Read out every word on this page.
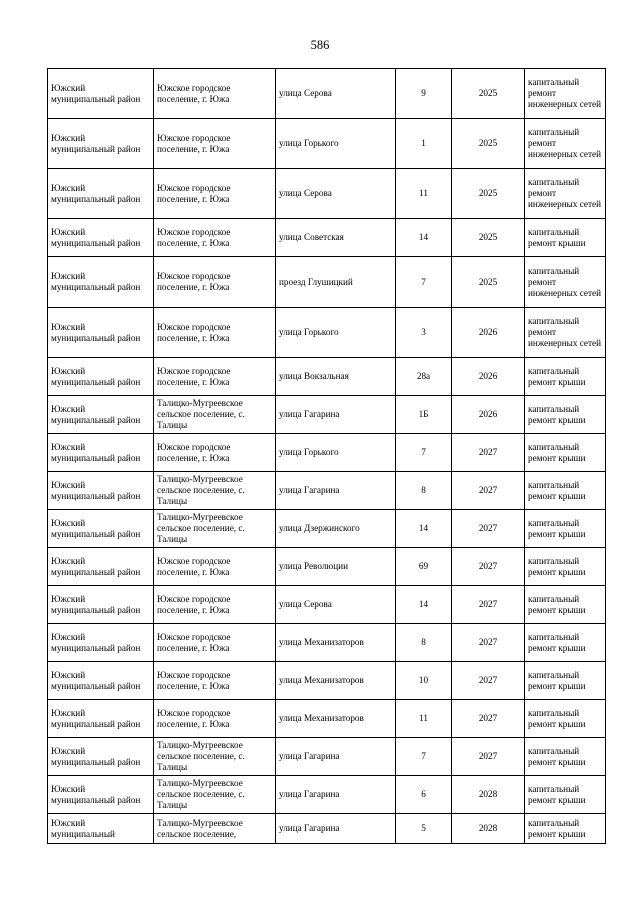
586
Южский муниципальный район	Южское городское поселение, г. Южа	улица Серова	9	2025	капитальный ремонт инженерных сетей
Южский муниципальный район	Южское городское поселение, г. Южа	улица Горького	1	2025	капитальный ремонт инженерных сетей
Южский муниципальный район	Южское городское поселение, г. Южа	улица Серова	11	2025	капитальный ремонт инженерных сетей
Южский муниципальный район	Южское городское поселение, г. Южа	улица Советская	14	2025	капитальный ремонт крыши
Южский муниципальный район	Южское городское поселение, г. Южа	проезд Глушицкий	7	2025	капитальный ремонт инженерных сетей
Южский муниципальный район	Южское городское поселение, г. Южа	улица Горького	3	2026	капитальный ремонт инженерных сетей
Южский муниципальный район	Южское городское поселение, г. Южа	улица Вокзальная	28а	2026	капитальный ремонт крыши
Южский муниципальный район	Талицко-Мугреевское сельское поселение, с. Талицы	улица Гагарина	1Б	2026	капитальный ремонт крыши
Южский муниципальный район	Южское городское поселение, г. Южа	улица Горького	7	2027	капитальный ремонт крыши
Южский муниципальный район	Талицко-Мугреевское сельское поселение, с. Талицы	улица Гагарина	8	2027	капитальный ремонт крыши
Южский муниципальный район	Талицко-Мугреевское сельское поселение, с. Талицы	улица Дзержинского	14	2027	капитальный ремонт крыши
Южский муниципальный район	Южское городское поселение, г. Южа	улица Революции	69	2027	капитальный ремонт крыши
Южский муниципальный район	Южское городское поселение, г. Южа	улица Серова	14	2027	капитальный ремонт крыши
Южский муниципальный район	Южское городское поселение, г. Южа	улица Механизаторов	8	2027	капитальный ремонт крыши
Южский муниципальный район	Южское городское поселение, г. Южа	улица Механизаторов	10	2027	капитальный ремонт крыши
Южский муниципальный район	Южское городское поселение, г. Южа	улица Механизаторов	11	2027	капитальный ремонт крыши
Южский муниципальный район	Талицко-Мугреевское сельское поселение, с. Талицы	улица Гагарина	7	2027	капитальный ремонт крыши
Южский муниципальный район	Талицко-Мугреевское сельское поселение, с. Талицы	улица Гагарина	6	2028	капитальный ремонт крыши
Южский муниципальный	Талицко-Мугреевское сельское поселение,	улица Гагарина	5	2028	капитальный ремонт крыши
